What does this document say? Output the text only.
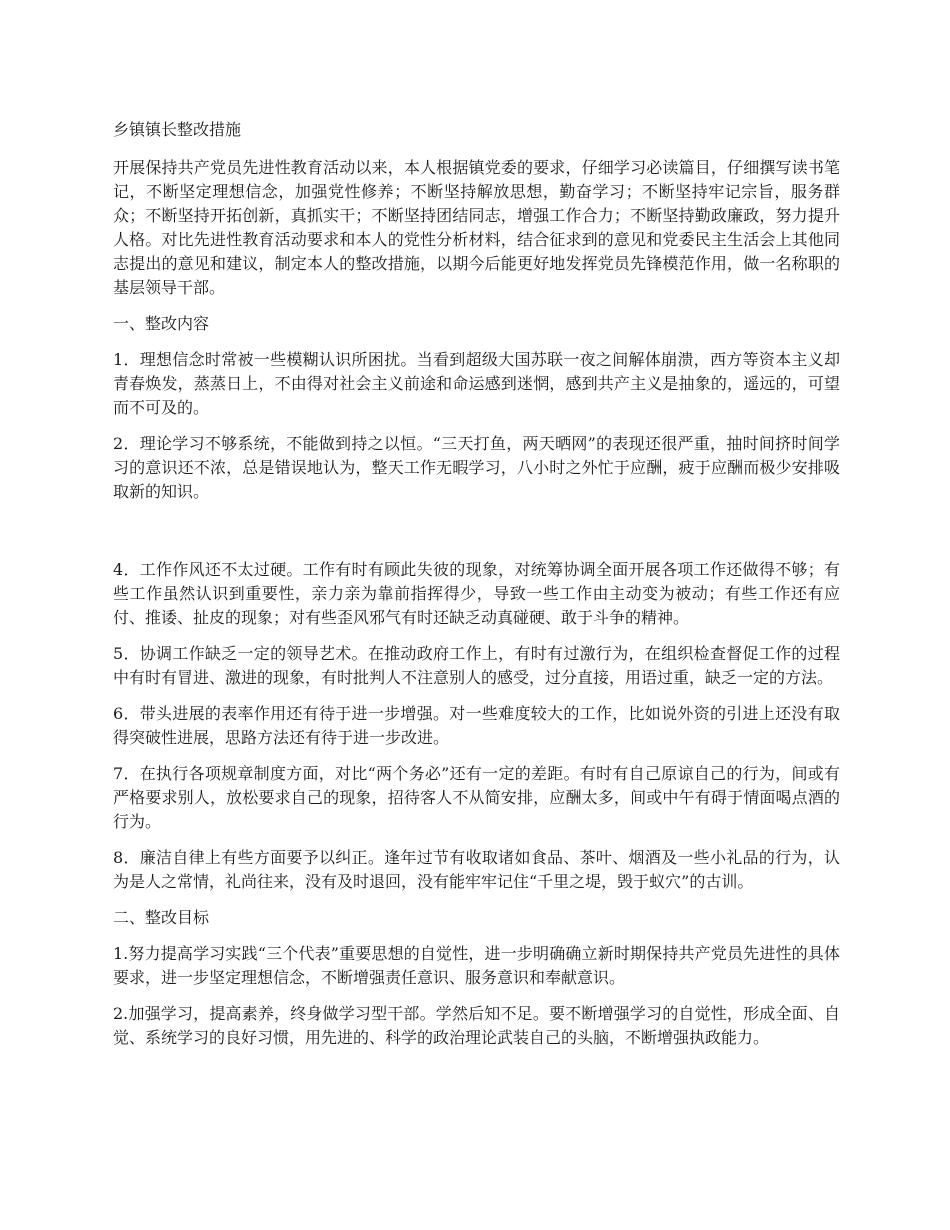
乡镇镇长整改措施

开展保持共产党员先进性教育活动以来，本人根据镇党委的要求，仔细学习必读篇目，仔细撰写读书笔记，不断坚定理想信念，加强党性修养；不断坚持解放思想，勤奋学习；不断坚持牢记宗旨，服务群众；不断坚持开拓创新，真抓实干；不断坚持团结同志，增强工作合力；不断坚持勤政廉政，努力提升人格。对比先进性教育活动要求和本人的党性分析材料，结合征求到的意见和党委民主生活会上其他同志提出的意见和建议，制定本人的整改措施，以期今后能更好地发挥党员先锋模范作用，做一名称职的基层领导干部。

一、整改内容

1．理想信念时常被一些模糊认识所困扰。当看到超级大国苏联一夜之间解体崩溃，西方等资本主义却青春焕发，蒸蒸日上，不由得对社会主义前途和命运感到迷惘，感到共产主义是抽象的，遥远的，可望而不可及的。

2．理论学习不够系统，不能做到持之以恒。“三天打鱼，两天晒网”的表现还很严重，抽时间挤时间学习的意识还不浓，总是错误地认为，整天工作无暇学习，八小时之外忙于应酬，疲于应酬而极少安排吸取新的知识。

4．工作作风还不太过硬。工作有时有顾此失彼的现象，对统筹协调全面开展各项工作还做得不够；有些工作虽然认识到重要性，亲力亲为靠前指挥得少，导致一些工作由主动变为被动；有些工作还有应付、推诿、扯皮的现象；对有些歪风邪气有时还缺乏动真碰硬、敢于斗争的精神。

5．协调工作缺乏一定的领导艺术。在推动政府工作上，有时有过激行为，在组织检查督促工作的过程中有时有冒进、激进的现象，有时批判人不注意别人的感受，过分直接，用语过重，缺乏一定的方法。

6．带头进展的表率作用还有待于进一步增强。对一些难度较大的工作，比如说外资的引进上还没有取得突破性进展，思路方法还有待于进一步改进。

7．在执行各项规章制度方面，对比“两个务必”还有一定的差距。有时有自己原谅自己的行为，间或有严格要求别人，放松要求自己的现象，招待客人不从简安排，应酬太多，间或中午有碍于情面喝点酒的行为。

8．廉洁自律上有些方面要予以纠正。逢年过节有收取诸如食品、茶叶、烟酒及一些小礼品的行为，认为是人之常情，礼尚往来，没有及时退回，没有能牢牢记住“千里之堤，毁于蚁穴”的古训。

二、整改目标

1.努力提高学习实践“三个代表”重要思想的自觉性，进一步明确确立新时期保持共产党员先进性的具体要求，进一步坚定理想信念，不断增强责任意识、服务意识和奉献意识。

2.加强学习，提高素养，终身做学习型干部。学然后知不足。要不断增强学习的自觉性，形成全面、自觉、系统学习的良好习惯，用先进的、科学的政治理论武装自己的头脑，不断增强执政能力。
